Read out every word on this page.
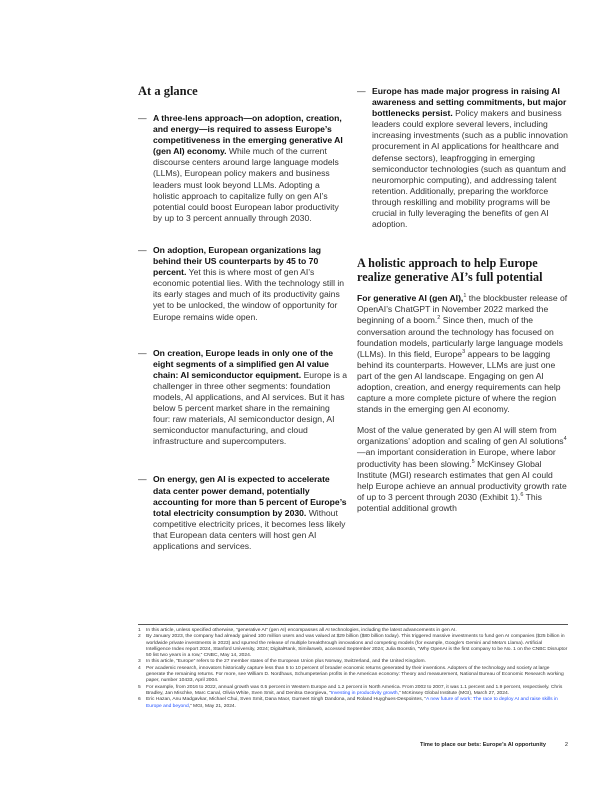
At a glance
— A three-lens approach—on adoption, creation, and energy—is required to assess Europe’s competitiveness in the emerging generative AI (gen AI) economy. While much of the current discourse centers around large language models (LLMs), European policy makers and business leaders must look beyond LLMs. Adopting a holistic approach to capitalize fully on gen AI’s potential could boost European labor productivity by up to 3 percent annually through 2030.

— On adoption, European organizations lag behind their US counterparts by 45 to 70 percent. Yet this is where most of gen AI’s economic potential lies. With the technology still in its early stages and much of its productivity gains yet to be unlocked, the window of opportunity for Europe remains wide open.

— On creation, Europe leads in only one of the eight segments of a simplified gen AI value chain: AI semiconductor equipment. Europe is a challenger in three other segments: foundation models, AI applications, and AI services. But it has below 5 percent market share in the remaining four: raw materials, AI semiconductor design, AI semiconductor manufacturing, and cloud infrastructure and supercomputers.

— On energy, gen AI is expected to accelerate data center power demand, potentially accounting for more than 5 percent of Europe’s total electricity consumption by 2030. Without competitive electricity prices, it becomes less likely that European data centers will host gen AI applications and services.

— Europe has made major progress in raising AI awareness and setting commitments, but major bottlenecks persist. Policy makers and business leaders could explore several levers, including increasing investments (such as a public innovation procurement in AI applications for healthcare and defense sectors), leapfrogging in emerging semiconductor technologies (such as quantum and neuromorphic computing), and addressing talent retention. Additionally, preparing the workforce through reskilling and mobility programs will be crucial in fully leveraging the benefits of gen AI adoption.

A holistic approach to help Europe realize generative AI’s full potential

For generative AI (gen AI),$^1$ the blockbuster release of OpenAI’s ChatGPT in November 2022 marked the beginning of a boom.$^2$ Since then, much of the conversation around the technology has focused on foundation models, particularly large language models (LLMs). In this field, Europe$^3$ appears to be lagging behind its counterparts. However, LLMs are just one part of the gen AI landscape. Engaging on gen AI adoption, creation, and energy requirements can help capture a more complete picture of where the region stands in the emerging gen AI economy.

Most of the value generated by gen AI will stem from organizations’ adoption and scaling of gen AI solutions$^4$—an important consideration in Europe, where labor productivity has been slowing.$^5$ McKinsey Global Institute (MGI) research estimates that gen AI could help Europe achieve an annual productivity growth rate of up to 3 percent through 2030 (Exhibit 1).$^6$ This potential additional growth

1 In this article, unless specified otherwise, “generative AI” (gen AI) encompasses all AI technologies, including the latest advancements in gen AI.

2 By January 2023, the company had already gained 100 million users and was valued at $29 billion ($80 billion today). This triggered massive investments to fund gen AI companies ($25 billion in worldwide private investments in 2023) and spurred the release of multiple breakthrough innovations and competing models (for example, Google’s Gemini and Meta’s Llama). Artificial Intelligence Index report 2024, Stanford University, 2024; DigitalRank, Similarweb, accessed September 2024; Julia Boorstin, “Why OpenAI is the first company to be No. 1 on the CNBC Disruptor 50 list two years in a row,” CNBC, May 14, 2024.

3 In this article, “Europe” refers to the 27 member states of the European Union plus Norway, Switzerland, and the United Kingdom.

4 Per academic research, innovators historically capture less than 5 to 10 percent of broader economic returns generated by their inventions. Adopters of the technology and society at large generate the remaining returns. For more, see William D. Nordhaus, Schumpeterian profits in the American economy: Theory and measurement, National Bureau of Economic Research working paper, number 10433, April 2004.

5 For example, from 2016 to 2022, annual growth was 0.5 percent in Western Europe and 1.2 percent in North America. From 2002 to 2007, it was 1.1 percent and 1.9 percent, respectively. Chris Bradley, Jan Mischke, Marc Canal, Olivia White, Sven Smit, and Denitsa Georgieva, “Investing in productivity growth,” McKinsey Global Institute (MGI), March 27, 2024.

6 Eric Hazan, Anu Madgavkar, Michael Chui, Sven Smit, Dana Maor, Gurneet Singh Dandona, and Roland Huyghues-Despointes, “A new future of work: The race to deploy AI and raise skills in Europe and beyond,” MGI, May 21, 2024.

Time to place our bets: Europe’s AI opportunity	2
